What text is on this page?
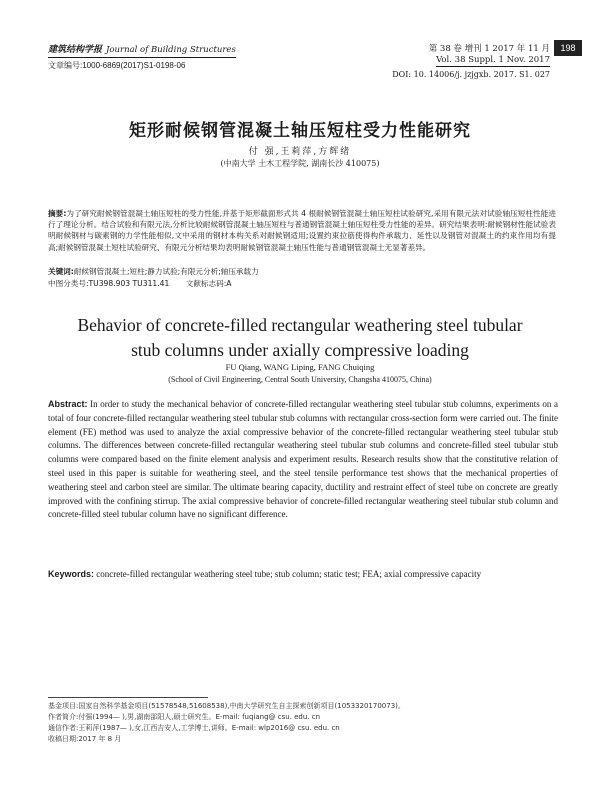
建筑结构学报 Journal of Building Structures
文章编号:1000-6869(2017)S1-0198-06
第 38 卷 增刊 1 2017 年 11 月
Vol. 38 Suppl. 1 Nov. 2017
DOI: 10. 14006/j. jzjgxb. 2017. S1. 027
198
矩形耐候钢管混凝土轴压短柱受力性能研究
付 强,王莉萍,方辉绪
(中南大学 土木工程学院, 湖南长沙 410075)
摘要:为了研究耐候钢管混凝土轴压短柱的受力性能,并基于矩形截面形式共 4 根耐候钢管混凝土轴压短柱试验研究,采用有限元法对试验轴压短柱性能进行了理论分析。结合试验和有限元法,分析比较耐候钢管混凝土轴压短柱与普通钢管混凝土轴压短柱受力性能的差异。研究结果表明:耐候钢材性能试验表明耐候钢材与碳素钢的力学性能相似,文中采用的钢材本构关系对耐候钢适用;设置约束拉筋使得构件承载力、延性以及钢管对混凝土的约束作用均有提高;耐候钢管混凝土短柱试验研究、有限元分析结果均表明耐候钢管混凝土轴压性能与普通钢管混凝土无显著差异。
关键词:耐候钢管混凝土;短柱;静力试验;有限元分析;轴压承载力
中图分类号:TU398.903 TU311.41 文献标志码:A
Behavior of concrete-filled rectangular weathering steel tubular
stub columns under axially compressive loading
FU Qiang, WANG Liping, FANG Chuiqing
(School of Civil Engineering, Central South University, Changsha 410075, China)
Abstract: In order to study the mechanical behavior of concrete-filled rectangular weathering steel tubular stub columns, experiments on a total of four concrete-filled rectangular weathering steel tubular stub columns with rectangular cross-section form were carried out. The finite element (FE) method was used to analyze the axial compressive behavior of the concrete-filled rectangular weathering steel tubular stub columns. The differences between concrete-filled rectangular weathering steel tubular stub columns and concrete-filled steel tubular stub columns were compared based on the finite element analysis and experiment results. Research results show that the constitutive relation of steel used in this paper is suitable for weathering steel, and the steel tensile performance test shows that the mechanical properties of weathering steel and carbon steel are similar. The ultimate bearing capacity, ductility and restraint effect of steel tube on concrete are greatly improved with the confining stirrup. The axial compressive behavior of concrete-filled rectangular weathering steel tubular stub column and concrete-filled steel tubular column have no significant difference.
Keywords: concrete-filled rectangular weathering steel tube; stub column; static test; FEA; axial compressive capacity
基金项目:国家自然科学基金项目(51578548,51608538),中南大学研究生自主探索创新项目(1053320170073)。
作者简介:付强(1994— ),男,湖南邵阳人,硕士研究生。E-mail: fuqiang@ csu. edu. cn
通信作者:王莉萍(1987— ),女,江西吉安人,工学博士,讲师。E-mail: wlp2016@ csu. edu. cn
收稿日期:2017 年 8 月
